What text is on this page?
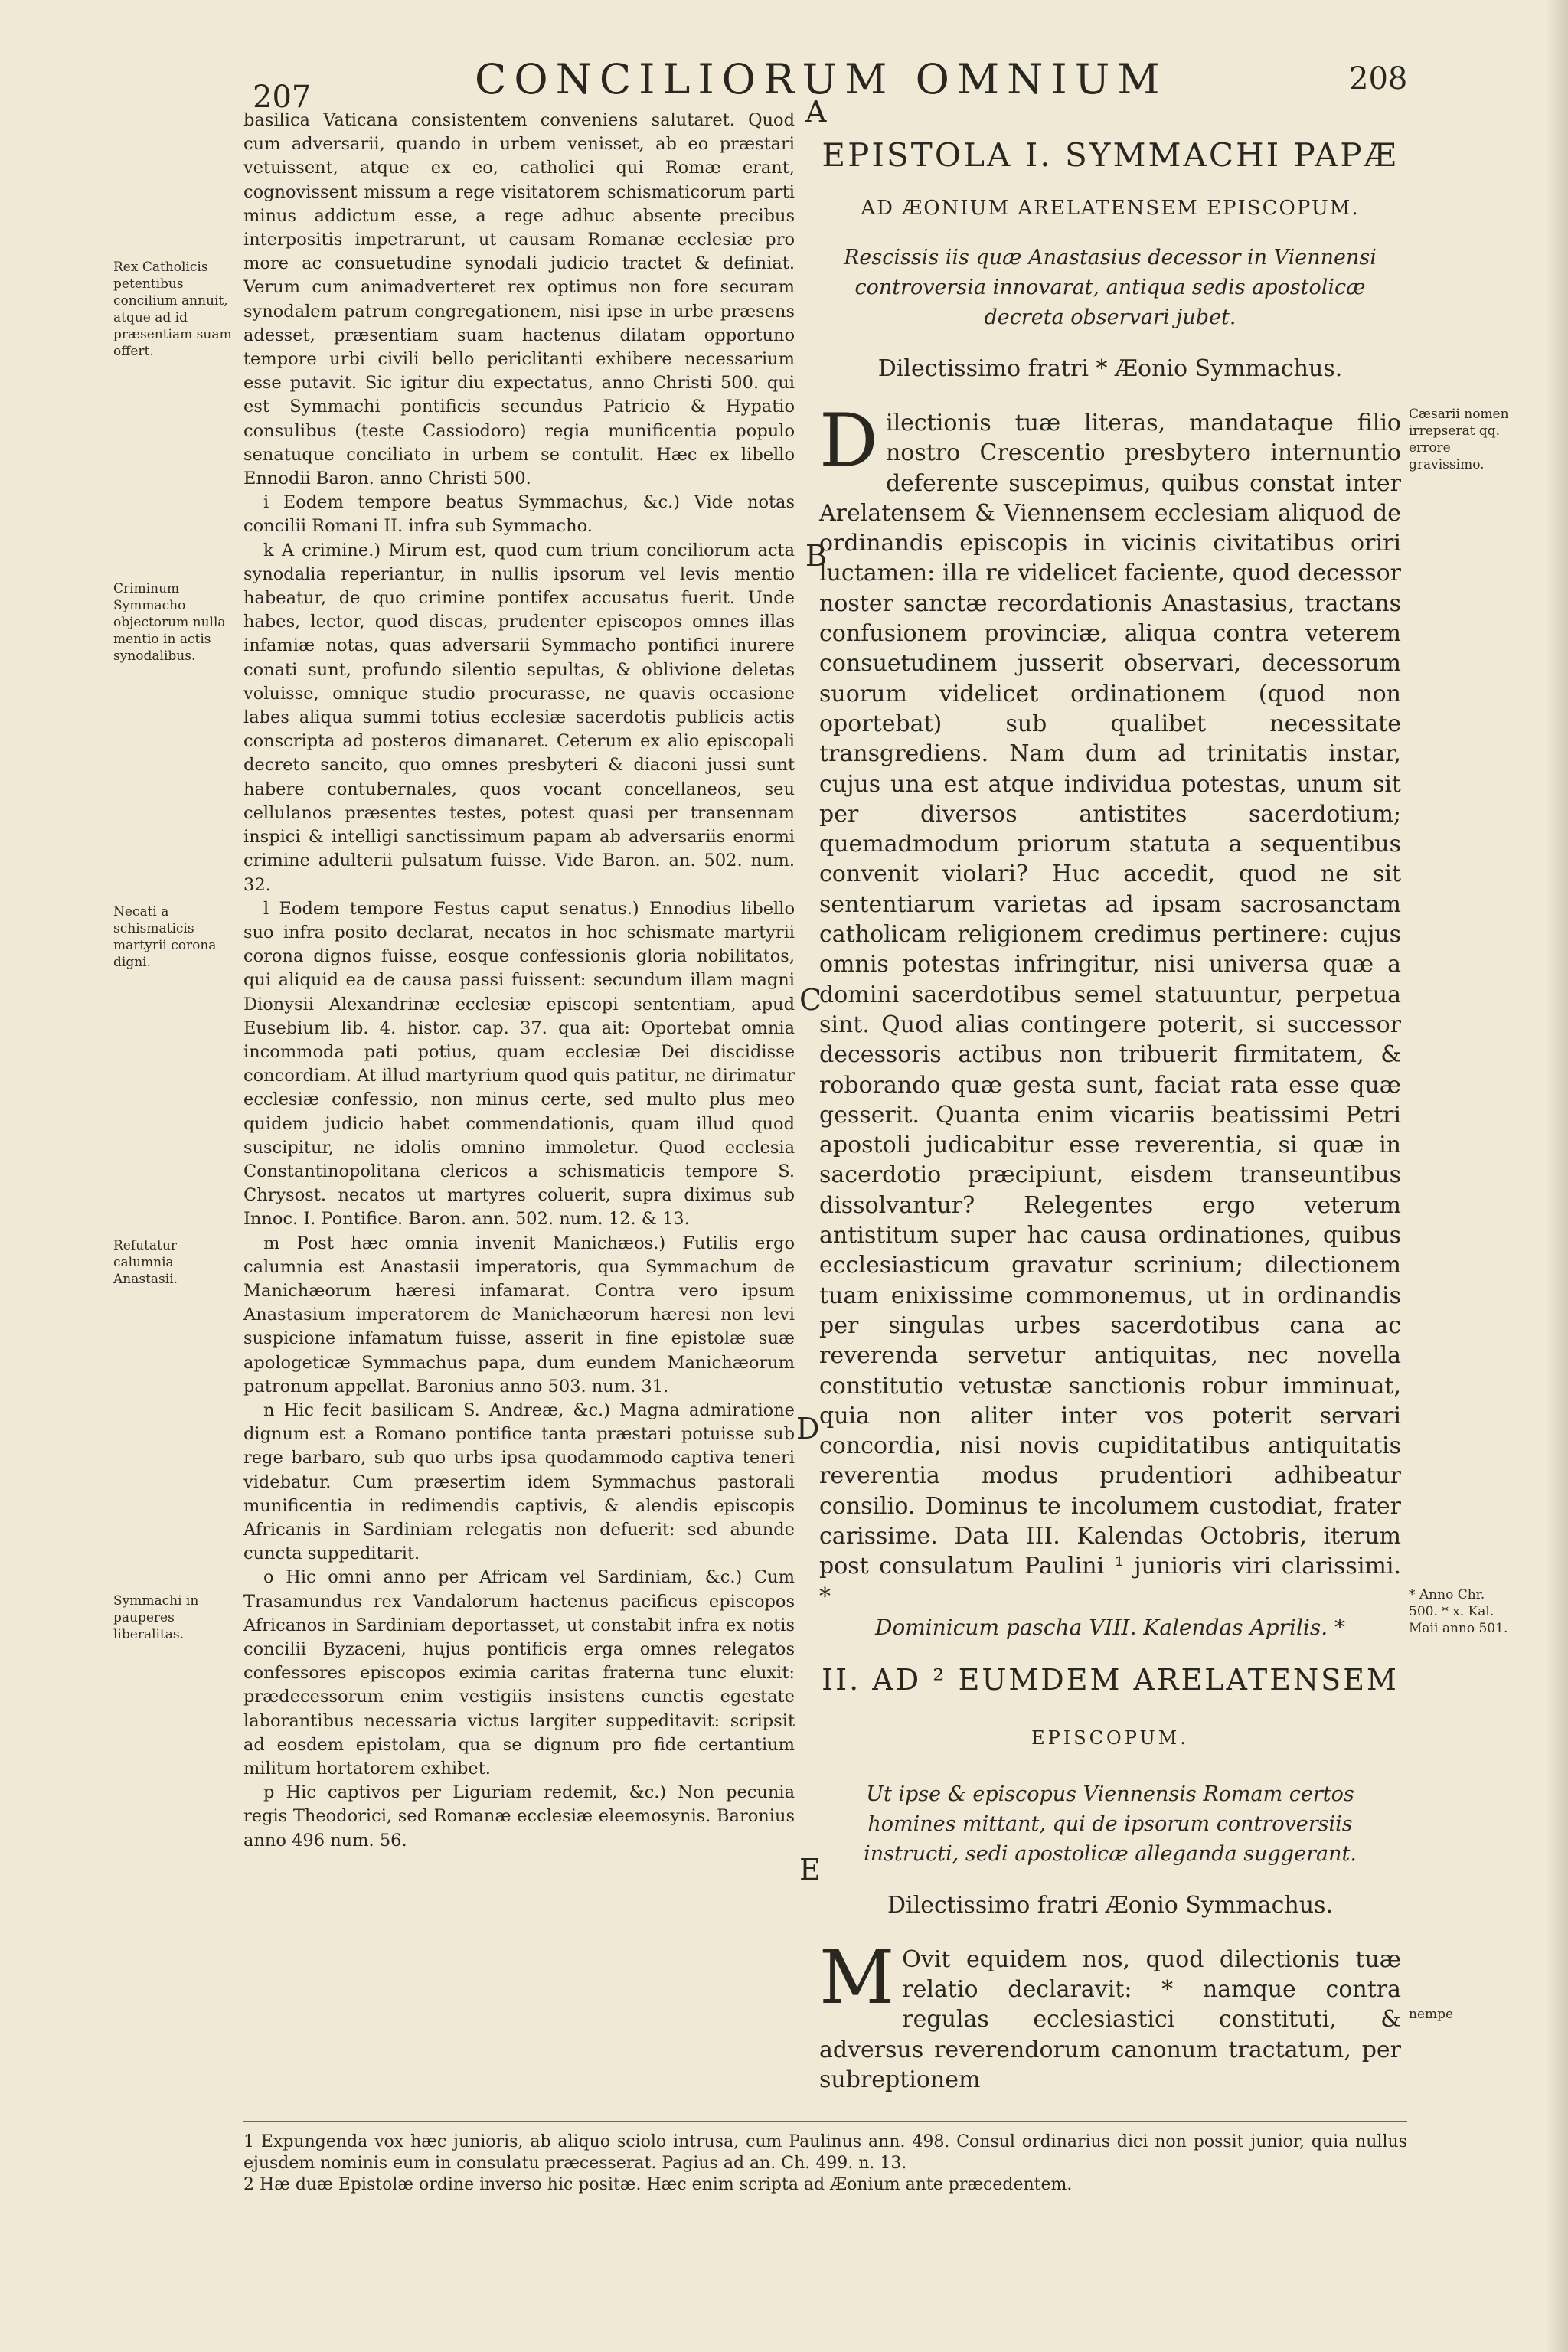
207	CONCILIORUM OMNIUM	208
Rex Catholicis petentibus concilium annuit, atque ad id præsentiam suam offert.
Criminum Symmacho objectorum nulla mentio in actis synodalibus.
Necati a schismaticis martyrii corona digni.
Refutatur calumnia Anastasii.
Symmachi in pauperes liberalitas.
A
B
C
D
E

basilica Vaticana consistentem conveniens salutaret. Quod cum adversarii, quando in urbem venisset, ab eo præstari vetuissent, atque ex eo, catholici qui Romæ erant, cognovissent missum a rege visitatorem schismaticorum parti minus addictum esse, a rege adhuc absente precibus interpositis impetrarunt, ut causam Romanæ ecclesiæ pro more ac consuetudine synodali judicio tractet & definiat. Verum cum animadverteret rex optimus non fore securam synodalem patrum congregationem, nisi ipse in urbe præsens adesset, præsentiam suam hactenus dilatam opportuno tempore urbi civili bello periclitanti exhibere necessarium esse putavit. Sic igitur diu expectatus, anno Christi 500. qui est Symmachi pontificis secundus Patricio & Hypatio consulibus (teste Cassiodoro) regia munificentia populo senatuque conciliato in urbem se contulit. Hæc ex libello Ennodii Baron. anno Christi 500.

i Eodem tempore beatus Symmachus, &c.) Vide notas concilii Romani II. infra sub Symmacho.

k A crimine.) Mirum est, quod cum trium conciliorum acta synodalia reperiantur, in nullis ipsorum vel levis mentio habeatur, de quo crimine pontifex accusatus fuerit. Unde habes, lector, quod discas, prudenter episcopos omnes illas infamiæ notas, quas adversarii Symmacho pontifici inurere conati sunt, profundo silentio sepultas, & oblivione deletas voluisse, omnique studio procurasse, ne quavis occasione labes aliqua summi totius ecclesiæ sacerdotis publicis actis conscripta ad posteros dimanaret. Ceterum ex alio episcopali decreto sancito, quo omnes presbyteri & diaconi jussi sunt habere contubernales, quos vocant concellaneos, seu cellulanos præsentes testes, potest quasi per transennam inspici & intelligi sanctissimum papam ab adversariis enormi crimine adulterii pulsatum fuisse. Vide Baron. an. 502. num. 32.

l Eodem tempore Festus caput senatus.) Ennodius libello suo infra posito declarat, necatos in hoc schismate martyrii corona dignos fuisse, eosque confessionis gloria nobilitatos, qui aliquid ea de causa passi fuissent: secundum illam magni Dionysii Alexandrinæ ecclesiæ episcopi sententiam, apud Eusebium lib. 4. histor. cap. 37. qua ait: Oportebat omnia incommoda pati potius, quam ecclesiæ Dei discidisse concordiam. At illud martyrium quod quis patitur, ne dirimatur ecclesiæ confessio, non minus certe, sed multo plus meo quidem judicio habet commendationis, quam illud quod suscipitur, ne idolis omnino immoletur. Quod ecclesia Constantinopolitana clericos a schismaticis tempore S. Chrysost. necatos ut martyres coluerit, supra diximus sub Innoc. I. Pontifice. Baron. ann. 502. num. 12. & 13.

m Post hæc omnia invenit Manichæos.) Futilis ergo calumnia est Anastasii imperatoris, qua Symmachum de Manichæorum hæresi infamarat. Contra vero ipsum Anastasium imperatorem de Manichæorum hæresi non levi suspicione infamatum fuisse, asserit in fine epistolæ suæ apologeticæ Symmachus papa, dum eundem Manichæorum patronum appellat. Baronius anno 503. num. 31.

n Hic fecit basilicam S. Andreæ, &c.) Magna admiratione dignum est a Romano pontifice tanta præstari potuisse sub rege barbaro, sub quo urbs ipsa quodammodo captiva teneri videbatur. Cum præsertim idem Symmachus pastorali munificentia in redimendis captivis, & alendis episcopis Africanis in Sardiniam relegatis non defuerit: sed abunde cuncta suppeditarit.

o Hic omni anno per Africam vel Sardiniam, &c.) Cum Trasamundus rex Vandalorum hactenus pacificus episcopos Africanos in Sardiniam deportasset, ut constabit infra ex notis concilii Byzaceni, hujus pontificis erga omnes relegatos confessores episcopos eximia caritas fraterna tunc eluxit: prædecessorum enim vestigiis insistens cunctis egestate laborantibus necessaria victus largiter suppeditavit: scripsit ad eosdem epistolam, qua se dignum pro fide certantium militum hortatorem exhibet.

p Hic captivos per Liguriam redemit, &c.) Non pecunia regis Theodorici, sed Romanæ ecclesiæ eleemosynis. Baronius anno 496 num. 56.

Cæsarii nomen irrepserat qq. errore gravissimo.
* Anno Chr. 500. * x. Kal. Maii anno 501.
nempe
EPISTOLA I. SYMMACHI PAPÆ
AD ÆONIUM ARELATENSEM EPISCOPUM.
Rescissis iis quæ Anastasius decessor in Viennensi controversia innovarat, antiqua sedis apostolicæ decreta observari jubet.
Dilectissimo fratri * Æonio Symmachus.

Dilectionis tuæ literas, mandataque filio nostro Crescentio presbytero internuntio deferente suscepimus, quibus constat inter Arelatensem & Viennensem ecclesiam aliquod de ordinandis episcopis in vicinis civitatibus oriri luctamen: illa re videlicet faciente, quod decessor noster sanctæ recordationis Anastasius, tractans confusionem provinciæ, aliqua contra veterem consuetudinem jusserit observari, decessorum suorum videlicet ordinationem (quod non oportebat) sub qualibet necessitate transgrediens. Nam dum ad trinitatis instar, cujus una est atque individua potestas, unum sit per diversos antistites sacerdotium; quemadmodum priorum statuta a sequentibus convenit violari? Huc accedit, quod ne sit sententiarum varietas ad ipsam sacrosanctam catholicam religionem credimus pertinere: cujus omnis potestas infringitur, nisi universa quæ a domini sacerdotibus semel statuuntur, perpetua sint. Quod alias contingere poterit, si successor decessoris actibus non tribuerit firmitatem, & roborando quæ gesta sunt, faciat rata esse quæ gesserit. Quanta enim vicariis beatissimi Petri apostoli judicabitur esse reverentia, si quæ in sacerdotio præcipiunt, eisdem transeuntibus dissolvantur? Relegentes ergo veterum antistitum super hac causa ordinationes, quibus ecclesiasticum gravatur scrinium; dilectionem tuam enixissime commonemus, ut in ordinandis per singulas urbes sacerdotibus cana ac reverenda servetur antiquitas, nec novella constitutio vetustæ sanctionis robur imminuat, quia non aliter inter vos poterit servari concordia, nisi novis cupiditatibus antiquitatis reverentia modus prudentiori adhibeatur consilio. Dominus te incolumem custodiat, frater carissime. Data III. Kalendas Octobris, iterum post consulatum Paulini ¹ junioris viri clarissimi. *

Dominicum pascha VIII. Kalendas Aprilis. *
II. AD ² EUMDEM ARELATENSEM
EPISCOPUM.
Ut ipse & episcopus Viennensis Romam certos homines mittant, qui de ipsorum controversiis instructi, sedi apostolicæ allegandа suggerant.
Dilectissimo fratri Æonio Symmachus.

M Ovit equidem nos, quod dilectionis tuæ relatio declaravit: * namque contra regulas ecclesiastici constituti, & adversus reverendorum canonum tractatum, per subreptionem

1 Expungenda vox hæc junioris, ab aliquo sciolo intrusa, cum Paulinus ann. 498. Consul ordinarius dici non possit junior, quia nullus ejusdem nominis eum in consulatu præcesserat. Pagius ad an. Ch. 499. n. 13.

2 Hæ duæ Epistolæ ordine inverso hic positæ. Hæc enim scripta ad Æonium ante præcedentem.
